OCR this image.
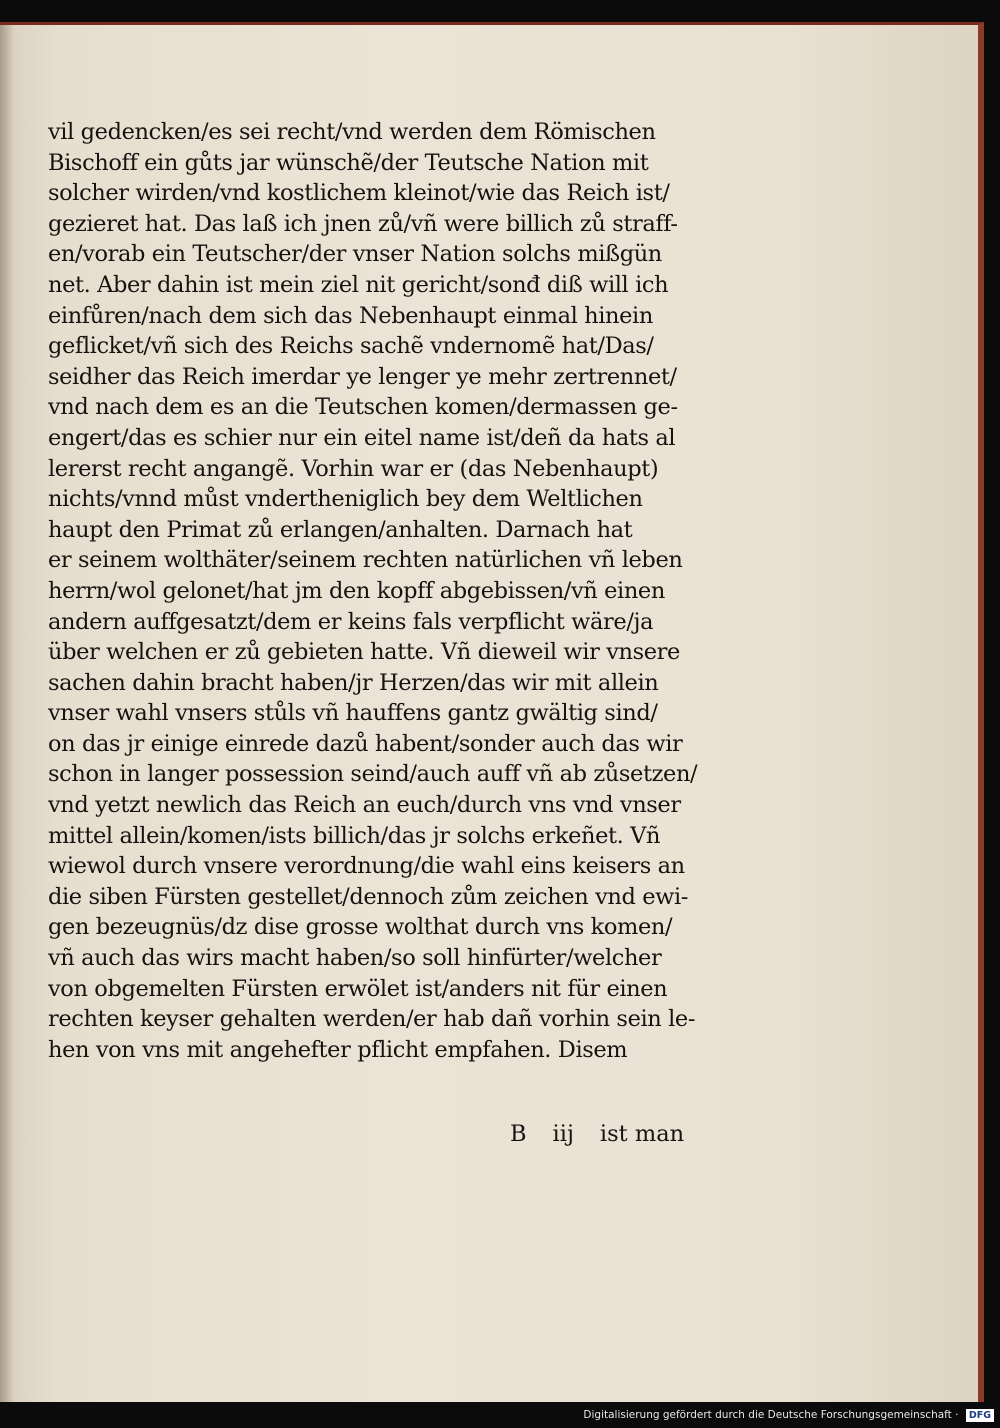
vil gedencken/es sei recht/vnd werden dem Römischen
Bischoff ein gůts jar wünschẽ/der Teutsche Nation mit
solcher wirden/vnd kostlichem kleinot/wie das Reich ist/
gezieret hat. Das laß ich jnen zů/vñ were billich zů straff-
en/vorab ein Teutscher/der vnser Nation solchs mißgün
net. Aber dahin ist mein ziel nit gericht/sonđ diß will ich
einfůren/nach dem sich das Nebenhaupt einmal hinein
geflicket/vñ sich des Reichs sachẽ vndernomẽ hat/Das/
seidher das Reich imerdar ye lenger ye mehr zertrennet/
vnd nach dem es an die Teutschen komen/dermassen ge-
engert/das es schier nur ein eitel name ist/deñ da hats al
lererst recht angangẽ. Vorhin war er (das Nebenhaupt)
nichts/vnnd můst vndertheniglich bey dem Weltlichen
haupt den Primat zů erlangen/anhalten. Darnach hat
er seinem wolthäter/seinem rechten natürlichen vñ leben
herrn/wol gelonet/hat jm den kopff abgebissen/vñ einen
andern auffgesatzt/dem er keins fals verpflicht wäre/ja
über welchen er zů gebieten hatte. Vñ dieweil wir vnsere
sachen dahin bracht haben/jr Herzen/das wir mit allein
vnser wahl vnsers stůls vñ hauffens gantz gwältig sind/
on das jr einige einrede dazů habent/sonder auch das wir
schon in langer possession seind/auch auff vñ ab zůsetzen/
vnd yetzt newlich das Reich an euch/durch vns vnd vnser
mittel allein/komen/ists billich/das jr solchs erkeñet. Vñ
wiewol durch vnsere verordnung/die wahl eins keisers an
die siben Fürsten gestellet/dennoch zům zeichen vnd ewi-
gen bezeugnüs/dz dise grosse wolthat durch vns komen/
vñ auch das wirs macht haben/so soll hinfürter/welcher
von obgemelten Fürsten erwölet ist/anders nit für einen
rechten keyser gehalten werden/er hab dañ vorhin sein le-
hen von vns mit angehefter pflicht empfahen. Disem
B iij ist man
Digitalisierung gefördert durch die Deutsche Forschungsgemeinschaft · DFG
